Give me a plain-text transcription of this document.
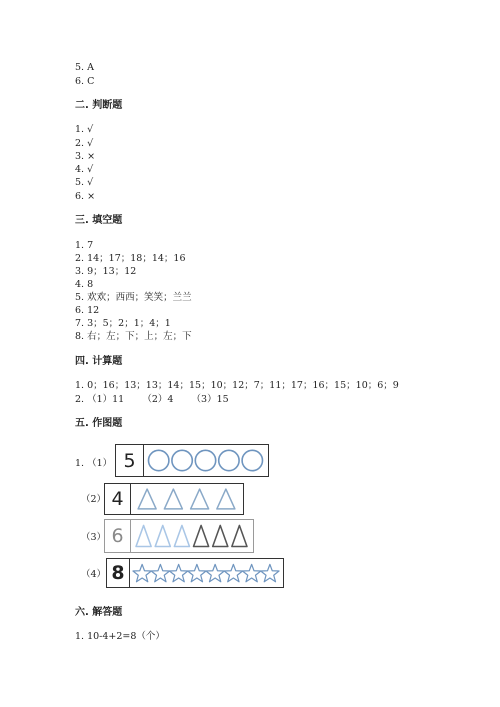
5. A
6. C
二. 判断题
1. √
2. √
3. ×
4. √
5. √
6. ×
三. 填空题
1. 7
2. 14；17；18；14；16
3. 9；13；12
4. 8
5. 欢欢；西西；笑笑；兰兰
6. 12
7. 3；5；2；1；4；1
8. 右；左；下；上；左；下
四. 计算题
1. 0；16；13；13；14；15；10；12；7；11；17；16；15；10；6；9
2. （1）11      （2）4      （3）15
五. 作图题
1. （1） 5
（2） 4
（3） 6
（4） 8
六. 解答题
1. 10-4+2=8（个）
